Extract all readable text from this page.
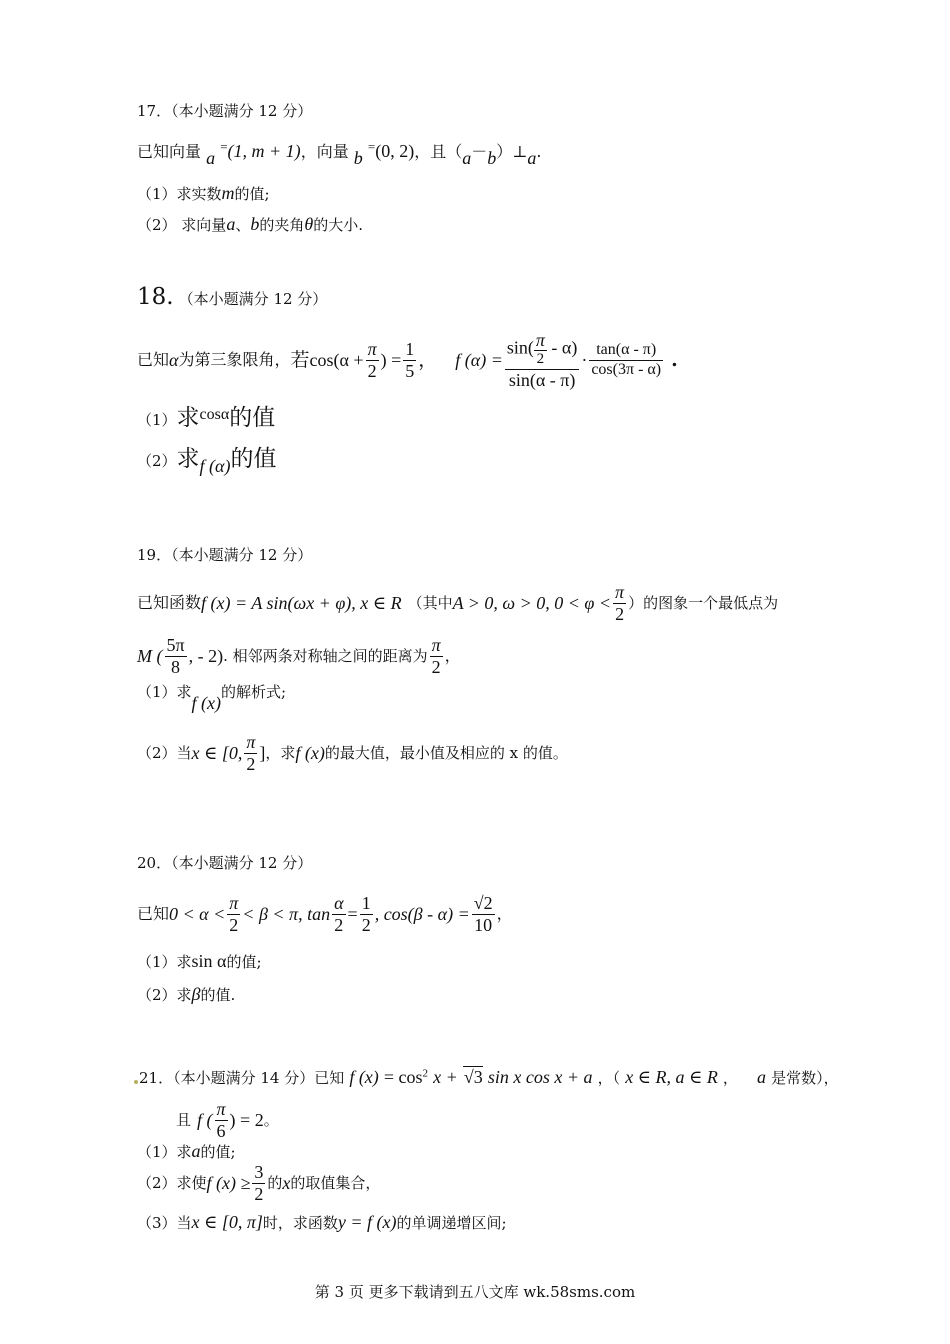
17．（本小题满分 12 分）
已知向量 a =(1, m + 1)，向量 b =(0, 2)，且（a－b）⊥a.
（1）求实数m的值;
（2） 求向量a、b的夹角θ的大小.
18. （本小题满分 12 分）
已知 α 为第三象限角， 若 $\cos(\alpha + \frac{\pi}{2}$ ) = $\frac{1}{5}$ ， f $(\alpha) = \frac{\sin( \frac{\pi}{2} - \alpha)}{\sin(\alpha - \pi)} \cdot \frac{\tan(\alpha - \pi)}{\cos(3\pi - \alpha)}$ .
（1）求cosα的值
（2）求f (α)的值
19．（本小题满分 12 分）
已知函数 f (x) = A sin(ωx + φ), x ∈ R （其中 A > 0, ω > 0, $0 < \varphi < \frac{\pi}{2}$ ）的图象一个最低点为
M ( $\frac{5\pi}{8}$ , - 2) . 相邻两条对称轴之间的距离为 $\frac{\pi}{2}$ ，
（1）求f (x)的解析式;
（2）当 x ∈ [0, $\frac{\pi}{2}$ ] ，求 f (x) 的最大值，最小值及相应的 x 的值。
20．（本小题满分 12 分）
已知 $0 < \alpha < \frac{\pi}{2} < \beta < \pi$, $\tan \frac{\alpha}{2} = \frac{1}{2}$ , $\cos(\beta - \alpha) = \frac{√2}{10}$ ，
（1）求sin α的值;
（2）求β的值.
21．（本小题满分 14 分）已知 f $(x) = \cos^2 x + √3$ sin x cos x + a ，（ x ∈ R, a ∈ R ， a 是常数），
且 f ( $\frac{\pi}{6}$ ) = 2 。
（1）求a的值;
（2）求使 f $(x) \ge \frac{3}{2}$ 的 x 的取值集合，
（3）当x ∈ [0, π]时，求函数y = f (x)的单调递增区间;
第 3 页 更多下载请到五八文库 wk.58sms.com
